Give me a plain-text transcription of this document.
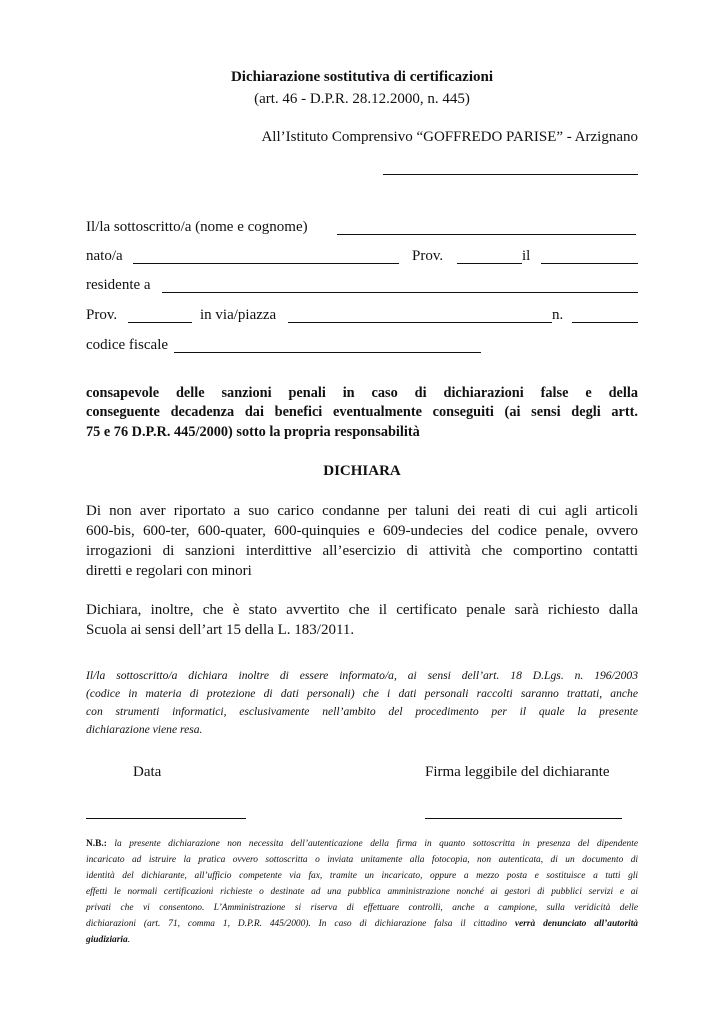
Dichiarazione sostitutiva di certificazioni
(art. 46 - D.P.R. 28.12.2000, n. 445)
All’Istituto Comprensivo “GOFFREDO PARISE” - Arzignano
Il/la sottoscritto/a (nome e cognome)
nato/a	Prov.	il
residente a
Prov.	in via/piazza	n.
codice fiscale
consapevole delle sanzioni penali in caso di dichiarazioni false e della
conseguente decadenza dai benefici eventualmente conseguiti (ai sensi degli artt.
75 e 76 D.P.R. 445/2000) sotto la propria responsabilità
DICHIARA
Di non aver riportato a suo carico condanne per taluni dei reati di cui agli articoli
600-bis, 600-ter, 600-quater, 600-quinquies e 609-undecies del codice penale, ovvero
irrogazioni di sanzioni interdittive all’esercizio di attività che comportino contatti
diretti e regolari con minori
Dichiara, inoltre, che è stato avvertito che il certificato penale sarà richiesto dalla
Scuola ai sensi dell’art 15 della L. 183/2011.
Il/la sottoscritto/a dichiara inoltre di essere informato/a, ai sensi dell’art. 18 D.Lgs. n. 196/2003
(codice in materia di protezione di dati personali) che i dati personali raccolti saranno trattati, anche
con strumenti informatici, esclusivamente nell’ambito del procedimento per il quale la presente
dichiarazione viene resa.
Data	Firma leggibile del dichiarante
N.B.: la presente dichiarazione non necessita dell’autenticazione della firma in quanto sottoscritta in presenza del dipendente
incaricato ad istruire la pratica ovvero sottoscritta o inviata unitamente alla fotocopia, non autenticata, di un documento di
identità del dichiarante, all’ufficio competente via fax, tramite un incaricato, oppure a mezzo posta e sostituisce a tutti gli
effetti le normali certificazioni richieste o destinate ad una pubblica amministrazione nonché ai gestori di pubblici servizi e ai
privati che vi consentono. L’Amministrazione si riserva di effettuare controlli, anche a campione, sulla veridicità delle
dichiarazioni (art. 71, comma 1, D.P.R. 445/2000). In caso di dichiarazione falsa il cittadino verrà denunciato all’autorità
giudiziaria.
